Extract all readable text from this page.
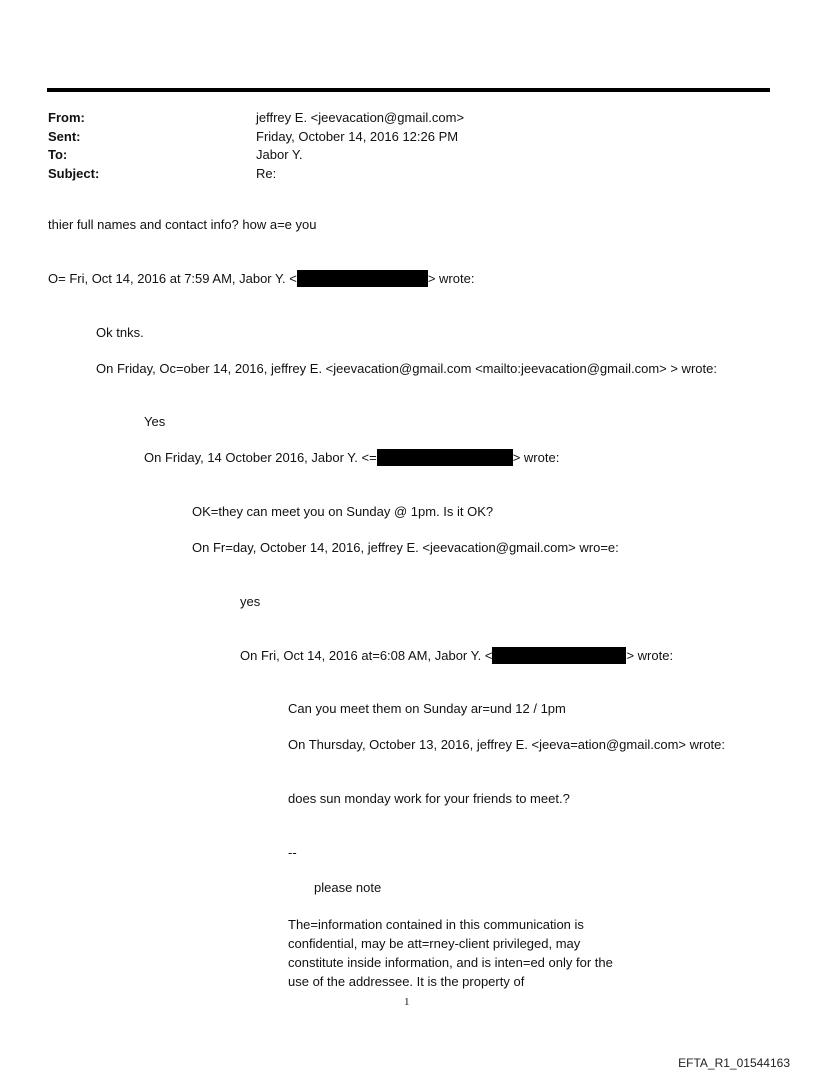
From:	jeffrey E. <jeevacation@gmail.com>
Sent:	Friday, October 14, 2016 12:26 PM
To:	Jabor Y.
Subject:	Re:
thier full names and contact info? how a=e you
O= Fri, Oct 14, 2016 at 7:59 AM, Jabor Y. <	> wrote:
Ok tnks.
On Friday, Oc=ober 14, 2016, jeffrey E. <jeevacation@gmail.com <mailto:jeevacation@gmail.com> > wrote:
Yes
On Friday, 14 October 2016, Jabor Y. <=	> wrote:
OK=they can meet you on Sunday @ 1pm. Is it OK?
On Fr=day, October 14, 2016, jeffrey E. <jeevacation@gmail.com> wro=e:
yes
On Fri, Oct 14, 2016 at=6:08 AM, Jabor Y. <	> wrote:
Can you meet them on Sunday ar=und 12 / 1pm
On Thursday, October 13, 2016, jeffrey E. <jeeva=ation@gmail.com> wrote:
does sun monday work for your friends to meet.?
--
please note
The=information contained in this communication is confidential, may be att=rney-client privileged, may constitute inside information, and is inten=ed only for the use of the addressee. It is the property of
1
EFTA_R1_01544163
